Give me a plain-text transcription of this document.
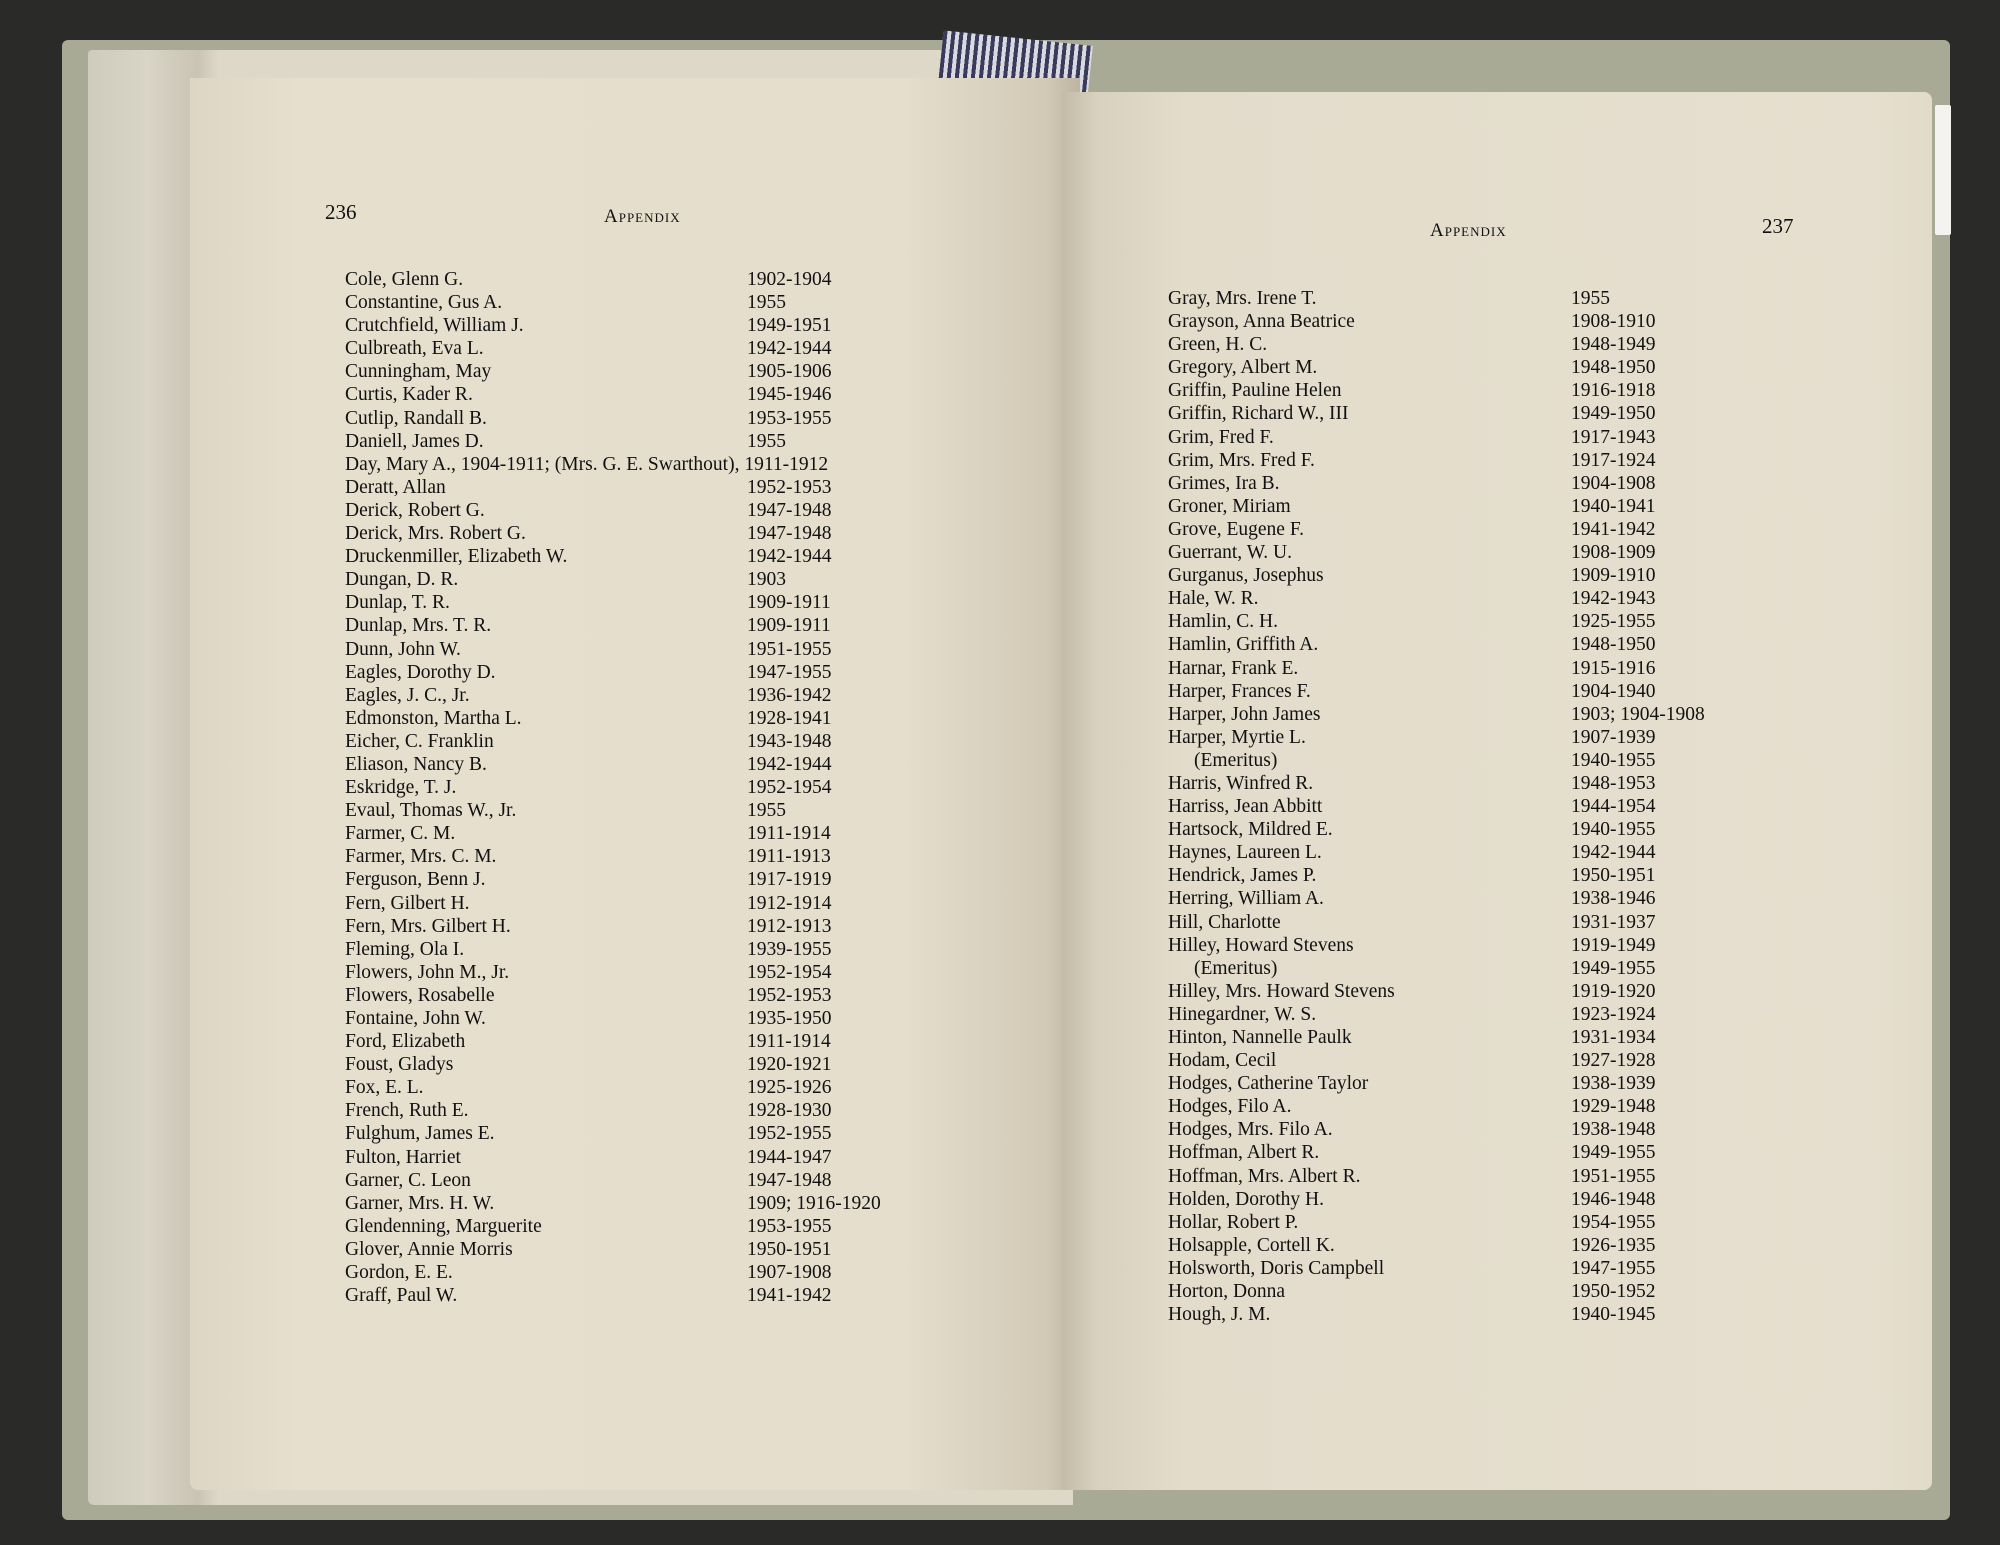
236	Appendix
Cole, Glenn G.	1902-1904
Constantine, Gus A.	1955
Crutchfield, William J.	1949-1951
Culbreath, Eva L.	1942-1944
Cunningham, May	1905-1906
Curtis, Kader R.	1945-1946
Cutlip, Randall B.	1953-1955
Daniell, James D.	1955
Day, Mary A., 1904-1911; (Mrs. G. E. Swarthout), 1911-1912
Deratt, Allan	1952-1953
Derick, Robert G.	1947-1948
Derick, Mrs. Robert G.	1947-1948
Druckenmiller, Elizabeth W.	1942-1944
Dungan, D. R.	1903
Dunlap, T. R.	1909-1911
Dunlap, Mrs. T. R.	1909-1911
Dunn, John W.	1951-1955
Eagles, Dorothy D.	1947-1955
Eagles, J. C., Jr.	1936-1942
Edmonston, Martha L.	1928-1941
Eicher, C. Franklin	1943-1948
Eliason, Nancy B.	1942-1944
Eskridge, T. J.	1952-1954
Evaul, Thomas W., Jr.	1955
Farmer, C. M.	1911-1914
Farmer, Mrs. C. M.	1911-1913
Ferguson, Benn J.	1917-1919
Fern, Gilbert H.	1912-1914
Fern, Mrs. Gilbert H.	1912-1913
Fleming, Ola I.	1939-1955
Flowers, John M., Jr.	1952-1954
Flowers, Rosabelle	1952-1953
Fontaine, John W.	1935-1950
Ford, Elizabeth	1911-1914
Foust, Gladys	1920-1921
Fox, E. L.	1925-1926
French, Ruth E.	1928-1930
Fulghum, James E.	1952-1955
Fulton, Harriet	1944-1947
Garner, C. Leon	1947-1948
Garner, Mrs. H. W.	1909; 1916-1920
Glendenning, Marguerite	1953-1955
Glover, Annie Morris	1950-1951
Gordon, E. E.	1907-1908
Graff, Paul W.	1941-1942
Appendix	237
Gray, Mrs. Irene T.	1955
Grayson, Anna Beatrice	1908-1910
Green, H. C.	1948-1949
Gregory, Albert M.	1948-1950
Griffin, Pauline Helen	1916-1918
Griffin, Richard W., III	1949-1950
Grim, Fred F.	1917-1943
Grim, Mrs. Fred F.	1917-1924
Grimes, Ira B.	1904-1908
Groner, Miriam	1940-1941
Grove, Eugene F.	1941-1942
Guerrant, W. U.	1908-1909
Gurganus, Josephus	1909-1910
Hale, W. R.	1942-1943
Hamlin, C. H.	1925-1955
Hamlin, Griffith A.	1948-1950
Harnar, Frank E.	1915-1916
Harper, Frances F.	1904-1940
Harper, John James	1903; 1904-1908
Harper, Myrtie L.	1907-1939
(Emeritus)	1940-1955
Harris, Winfred R.	1948-1953
Harriss, Jean Abbitt	1944-1954
Hartsock, Mildred E.	1940-1955
Haynes, Laureen L.	1942-1944
Hendrick, James P.	1950-1951
Herring, William A.	1938-1946
Hill, Charlotte	1931-1937
Hilley, Howard Stevens	1919-1949
(Emeritus)	1949-1955
Hilley, Mrs. Howard Stevens	1919-1920
Hinegardner, W. S.	1923-1924
Hinton, Nannelle Paulk	1931-1934
Hodam, Cecil	1927-1928
Hodges, Catherine Taylor	1938-1939
Hodges, Filo A.	1929-1948
Hodges, Mrs. Filo A.	1938-1948
Hoffman, Albert R.	1949-1955
Hoffman, Mrs. Albert R.	1951-1955
Holden, Dorothy H.	1946-1948
Hollar, Robert P.	1954-1955
Holsapple, Cortell K.	1926-1935
Holsworth, Doris Campbell	1947-1955
Horton, Donna	1950-1952
Hough, J. M.	1940-1945
